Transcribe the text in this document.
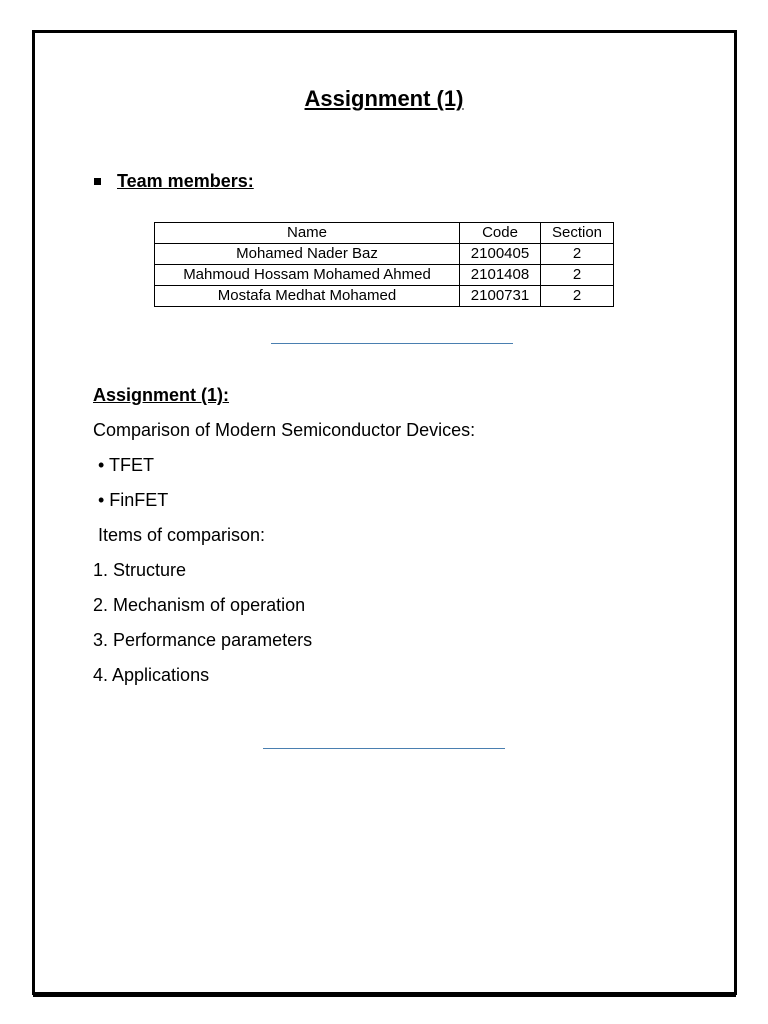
Assignment (1)
Team members:
Name	Code	Section
Mohamed Nader Baz	2100405	2
Mahmoud Hossam Mohamed Ahmed	2101408	2
Mostafa Medhat Mohamed	2100731	2
Assignment (1):
Comparison of Modern Semiconductor Devices:
• TFET
• FinFET
Items of comparison:
1. Structure
2. Mechanism of operation
3. Performance parameters
4. Applications
